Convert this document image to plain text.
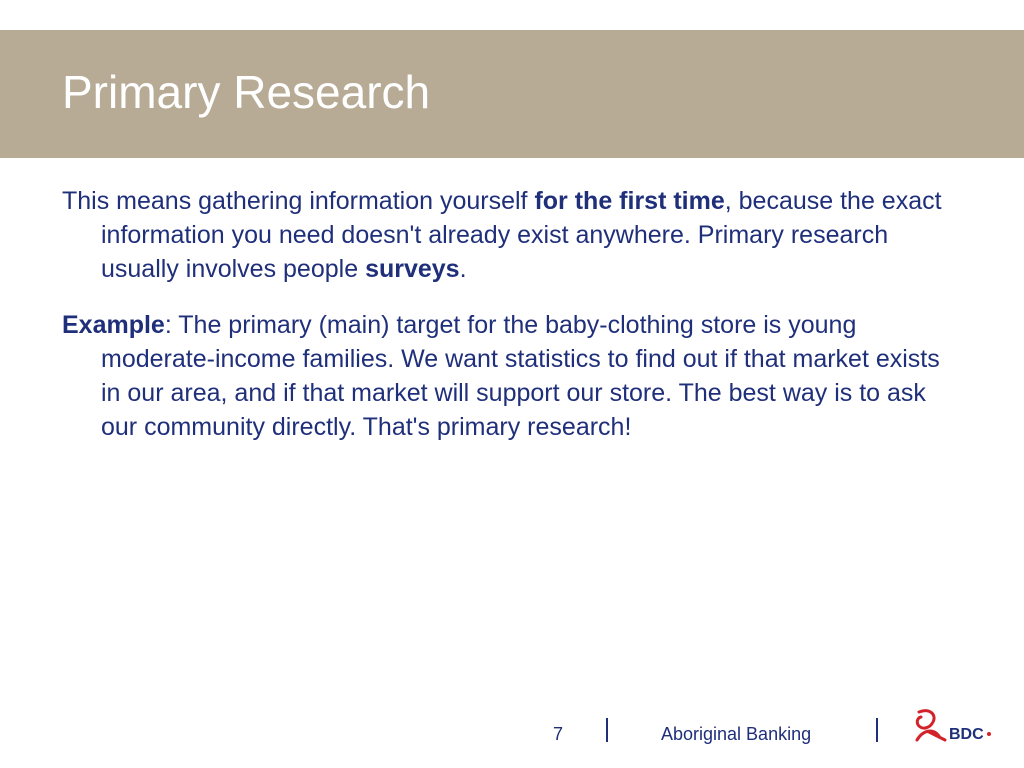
Primary Research

This means gathering information yourself for the first time, because the exact information you need doesn't already exist anywhere. Primary research usually involves people surveys.

Example: The primary (main) target for the baby-clothing store is young moderate-income families. We want statistics to find out if that market exists in our area, and if that market will support our store. The best way is to ask our community directly. That's primary research!

7	Aboriginal Banking	BDC
